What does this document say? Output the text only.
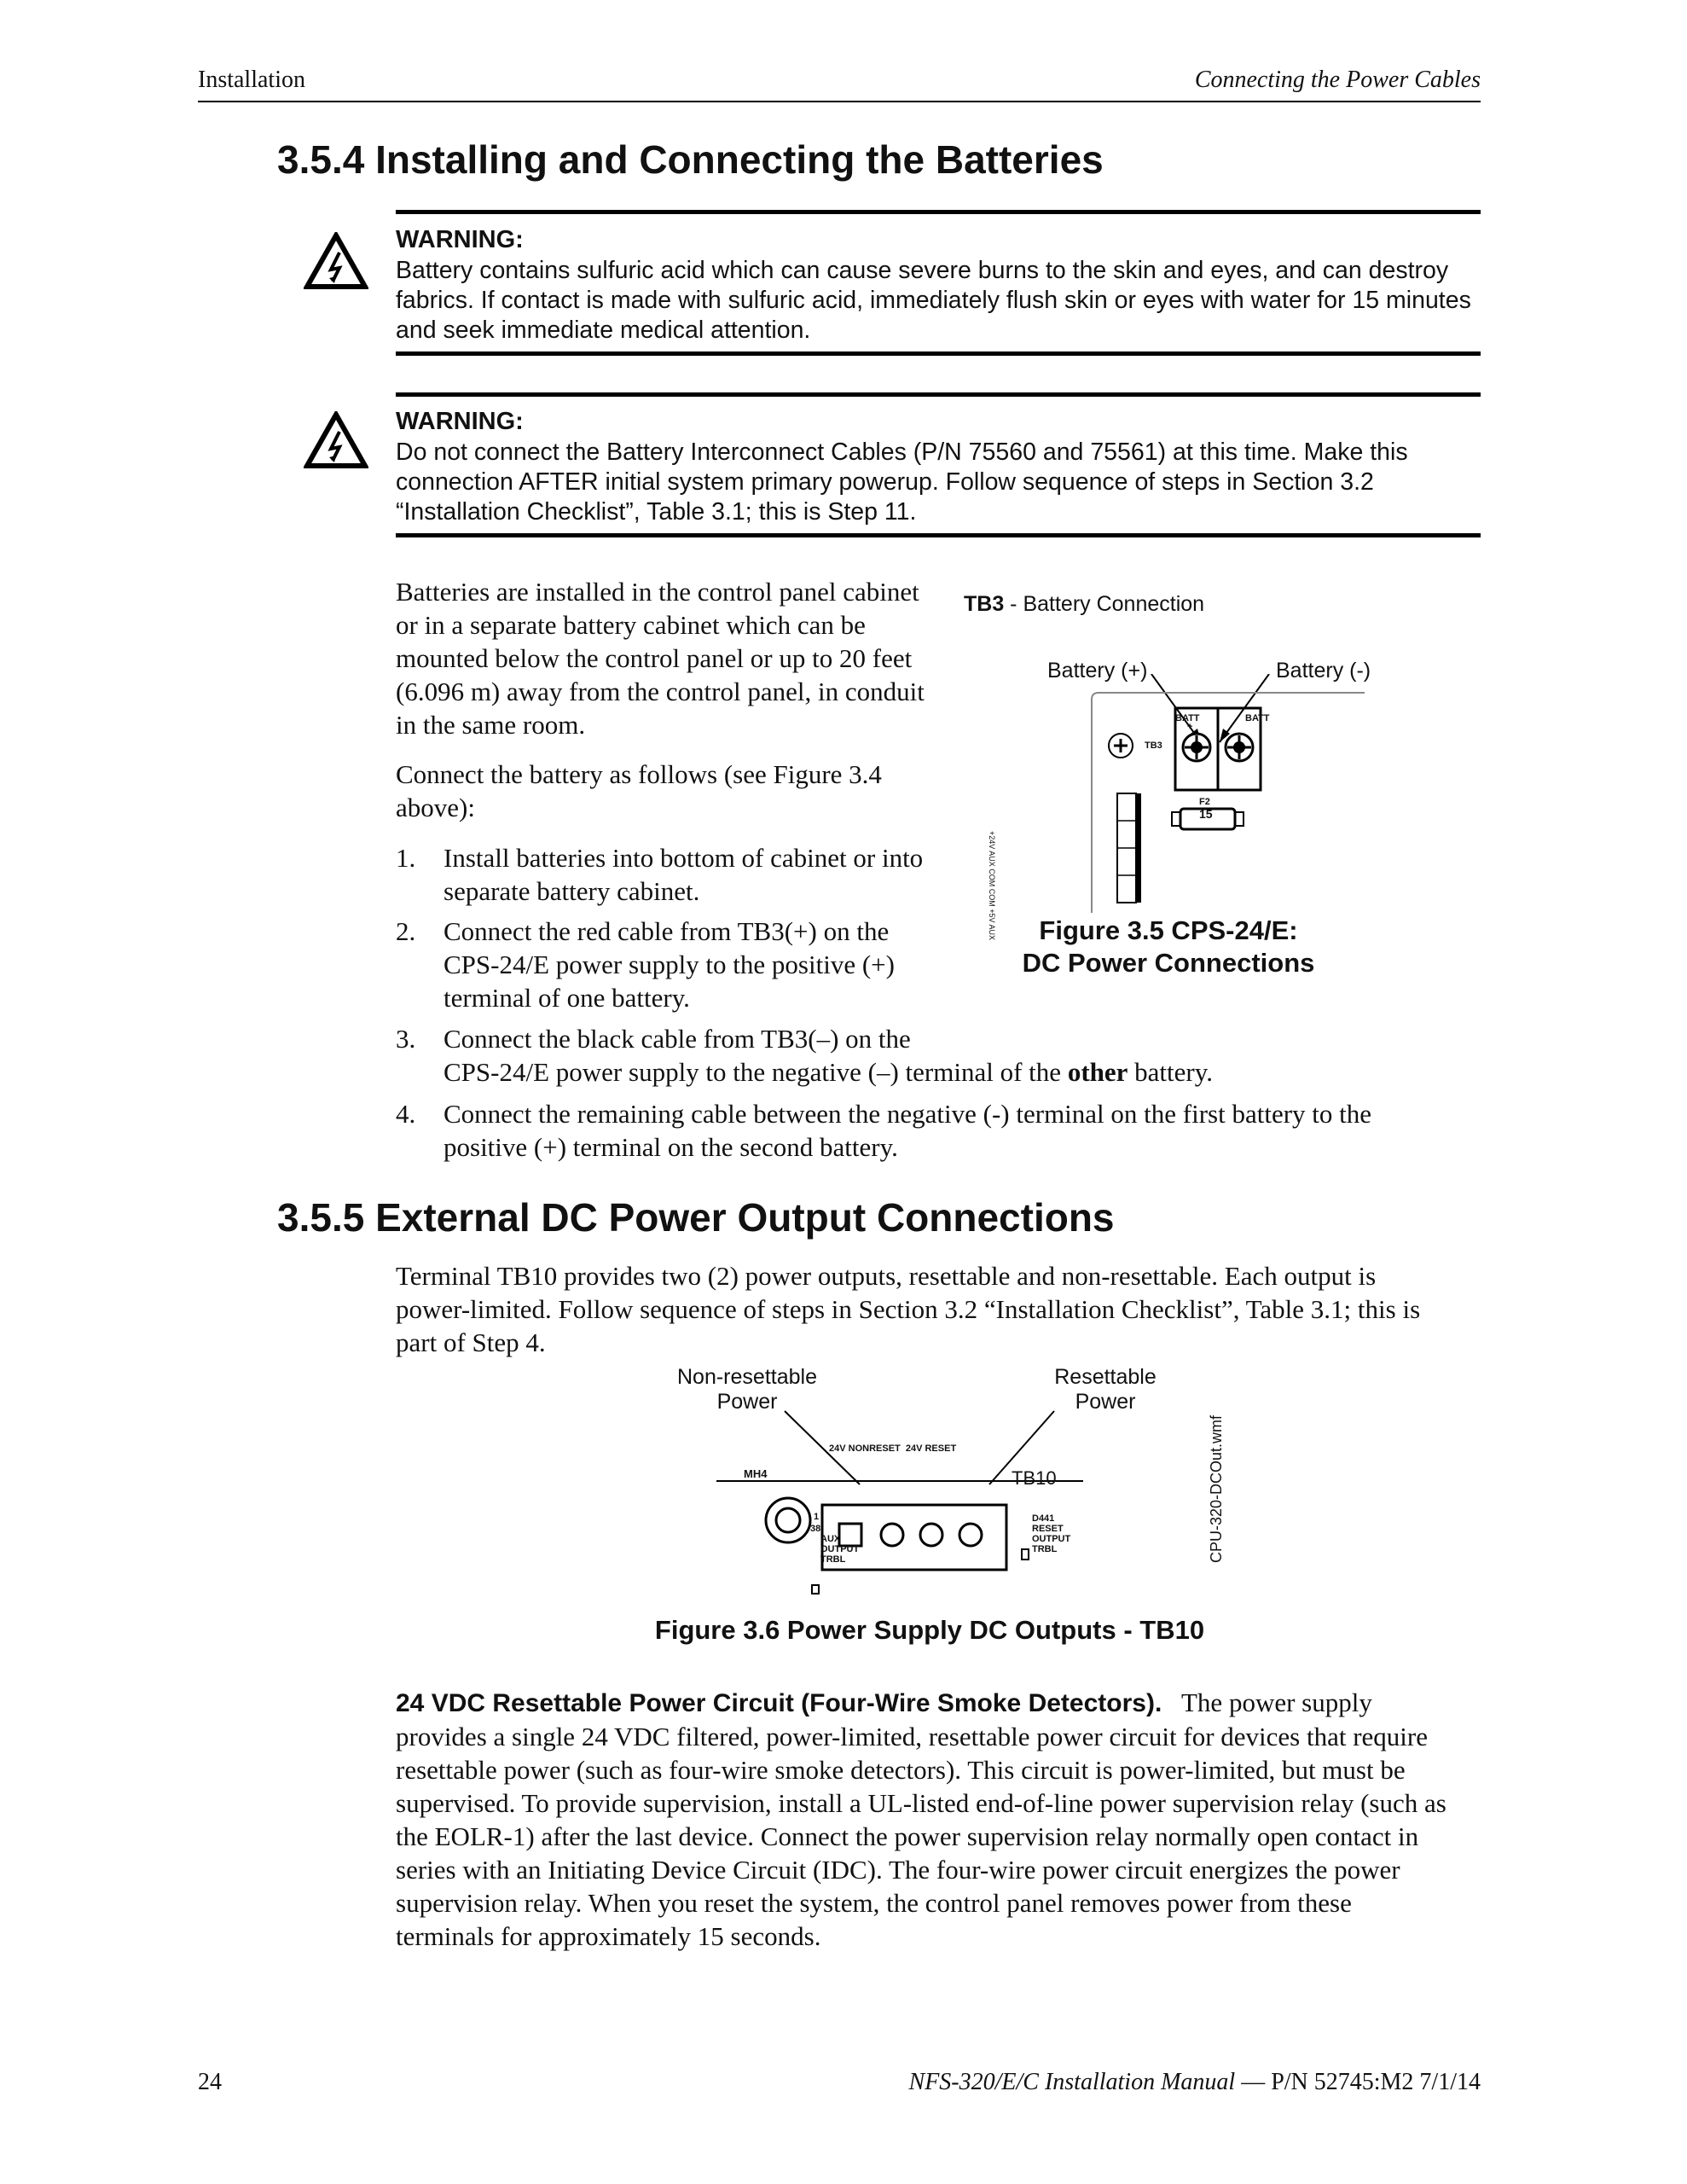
Installation	Connecting the Power Cables
3.5.4 Installing and Connecting the Batteries
WARNING:
Battery contains sulfuric acid which can cause severe burns to the skin and eyes, and can destroy
fabrics. If contact is made with sulfuric acid, immediately flush skin or eyes with water for 15 minutes
and seek immediate medical attention.
WARNING:
Do not connect the Battery Interconnect Cables (P/N 75560 and 75561) at this time. Make this
connection AFTER initial system primary powerup. Follow sequence of steps in Section 3.2
“Installation Checklist”, Table 3.1; this is Step 11.
Batteries are installed in the control panel cabinet
or in a separate battery cabinet which can be
mounted below the control panel or up to 20 feet
(6.096 m) away from the control panel, in conduit
in the same room.
Connect the battery as follows (see Figure 3.4
above):
1. Install batteries into bottom of cabinet or into
separate battery cabinet.
2. Connect the red cable from TB3(+) on the
CPS-24/E power supply to the positive (+)
terminal of one battery.
3. Connect the black cable from TB3(–) on the
CPS-24/E power supply to the negative (–) terminal of the other battery.
4. Connect the remaining cable between the negative (-) terminal on the first battery to the
positive (+) terminal on the second battery.
TB3 - Battery Connection
Battery (+)	Battery (-)
BATT
+
BATT
TB3
F2
15
+24V AUX COM COM +5V AUX	Figure 3.5 CPS-24/E:
DC Power Connections
3.5.5 External DC Power Output Connections
Terminal TB10 provides two (2) power outputs, resettable and non-resettable. Each output is
power-limited. Follow sequence of steps in Section 3.2 “Installation Checklist”, Table 3.1; this is
part of Step 4.
Non-resettable
Power
Resettable
Power
24V NONRESET  24V RESET
MH4	TB10
1
38
AUX
OUTPUT
TRBL
D441
RESET
OUTPUT
TRBL	CPU-320-DCOut.wmf
Figure 3.6 Power Supply DC Outputs - TB10
24 VDC Resettable Power Circuit (Four-Wire Smoke Detectors). The power supply
provides a single 24 VDC filtered, power-limited, resettable power circuit for devices that require
resettable power (such as four-wire smoke detectors). This circuit is power-limited, but must be
supervised. To provide supervision, install a UL-listed end-of-line power supervision relay (such as
the EOLR-1) after the last device. Connect the power supervision relay normally open contact in
series with an Initiating Device Circuit (IDC). The four-wire power circuit energizes the power
supervision relay. When you reset the system, the control panel removes power from these
terminals for approximately 15 seconds.
24	NFS-320/E/C Installation Manual — P/N 52745:M2 7/1/14
